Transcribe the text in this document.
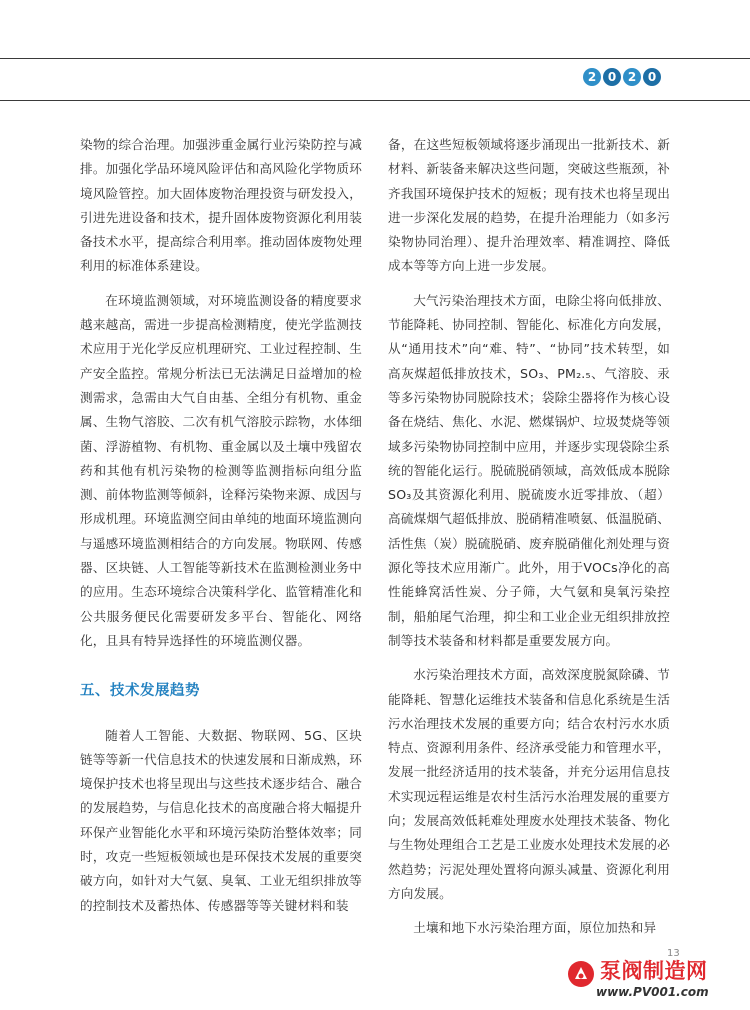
2 0 2 0

染物的综合治理。加强涉重金属行业污染防控与减排。加强化学品环境风险评估和高风险化学物质环境风险管控。加大固体废物治理投资与研发投入，引进先进设备和技术，提升固体废物资源化利用装备技术水平，提高综合利用率。推动固体废物处理利用的标准体系建设。

在环境监测领域，对环境监测设备的精度要求越来越高，需进一步提高检测精度，使光学监测技术应用于光化学反应机理研究、工业过程控制、生产安全监控。常规分析法已无法满足日益增加的检测需求，急需由大气自由基、全组分有机物、重金属、生物气溶胶、二次有机气溶胶示踪物，水体细菌、浮游植物、有机物、重金属以及土壤中残留农药和其他有机污染物的检测等监测指标向组分监测、前体物监测等倾斜，诠释污染物来源、成因与形成机理。环境监测空间由单纯的地面环境监测向与遥感环境监测相结合的方向发展。物联网、传感器、区块链、人工智能等新技术在监测检测业务中的应用。生态环境综合决策科学化、监管精准化和公共服务便民化需要研发多平台、智能化、网络化，且具有特异选择性的环境监测仪器。

五、技术发展趋势

随着人工智能、大数据、物联网、5G、区块链等等新一代信息技术的快速发展和日渐成熟，环境保护技术也将呈现出与这些技术逐步结合、融合的发展趋势，与信息化技术的高度融合将大幅提升环保产业智能化水平和环境污染防治整体效率；同时，攻克一些短板领域也是环保技术发展的重要突破方向，如针对大气氨、臭氧、工业无组织排放等的控制技术及蓄热体、传感器等等关键材料和装

备，在这些短板领域将逐步涌现出一批新技术、新材料、新装备来解决这些问题，突破这些瓶颈，补齐我国环境保护技术的短板；现有技术也将呈现出进一步深化发展的趋势，在提升治理能力（如多污染物协同治理）、提升治理效率、精准调控、降低成本等等方向上进一步发展。

大气污染治理技术方面，电除尘将向低排放、节能降耗、协同控制、智能化、标准化方向发展，从“通用技术”向“难、特”、“协同”技术转型，如高灰煤超低排放技术，SO₃、PM₂.₅、气溶胶、汞等多污染物协同脱除技术；袋除尘器将作为核心设备在烧结、焦化、水泥、燃煤锅炉、垃圾焚烧等领域多污染物协同控制中应用，并逐步实现袋除尘系统的智能化运行。脱硫脱硝领域，高效低成本脱除SO₃及其资源化利用、脱硫废水近零排放、（超）高硫煤烟气超低排放、脱硝精准喷氨、低温脱硝、活性焦（炭）脱硫脱硝、废弃脱硝催化剂处理与资源化等技术应用渐广。此外，用于VOCs净化的高性能蜂窝活性炭、分子筛，大气氨和臭氧污染控制，船舶尾气治理，抑尘和工业企业无组织排放控制等技术装备和材料都是重要发展方向。

水污染治理技术方面，高效深度脱氮除磷、节能降耗、智慧化运维技术装备和信息化系统是生活污水治理技术发展的重要方向；结合农村污水水质特点、资源利用条件、经济承受能力和管理水平，发展一批经济适用的技术装备，并充分运用信息技术实现远程运维是农村生活污水治理发展的重要方向；发展高效低耗难处理废水处理技术装备、物化与生物处理组合工艺是工业废水处理技术发展的必然趋势；污泥处理处置将向源头减量、资源化利用方向发展。

土壤和地下水污染治理方面，原位加热和异

13
泵阀制造网
www.PV001.com
